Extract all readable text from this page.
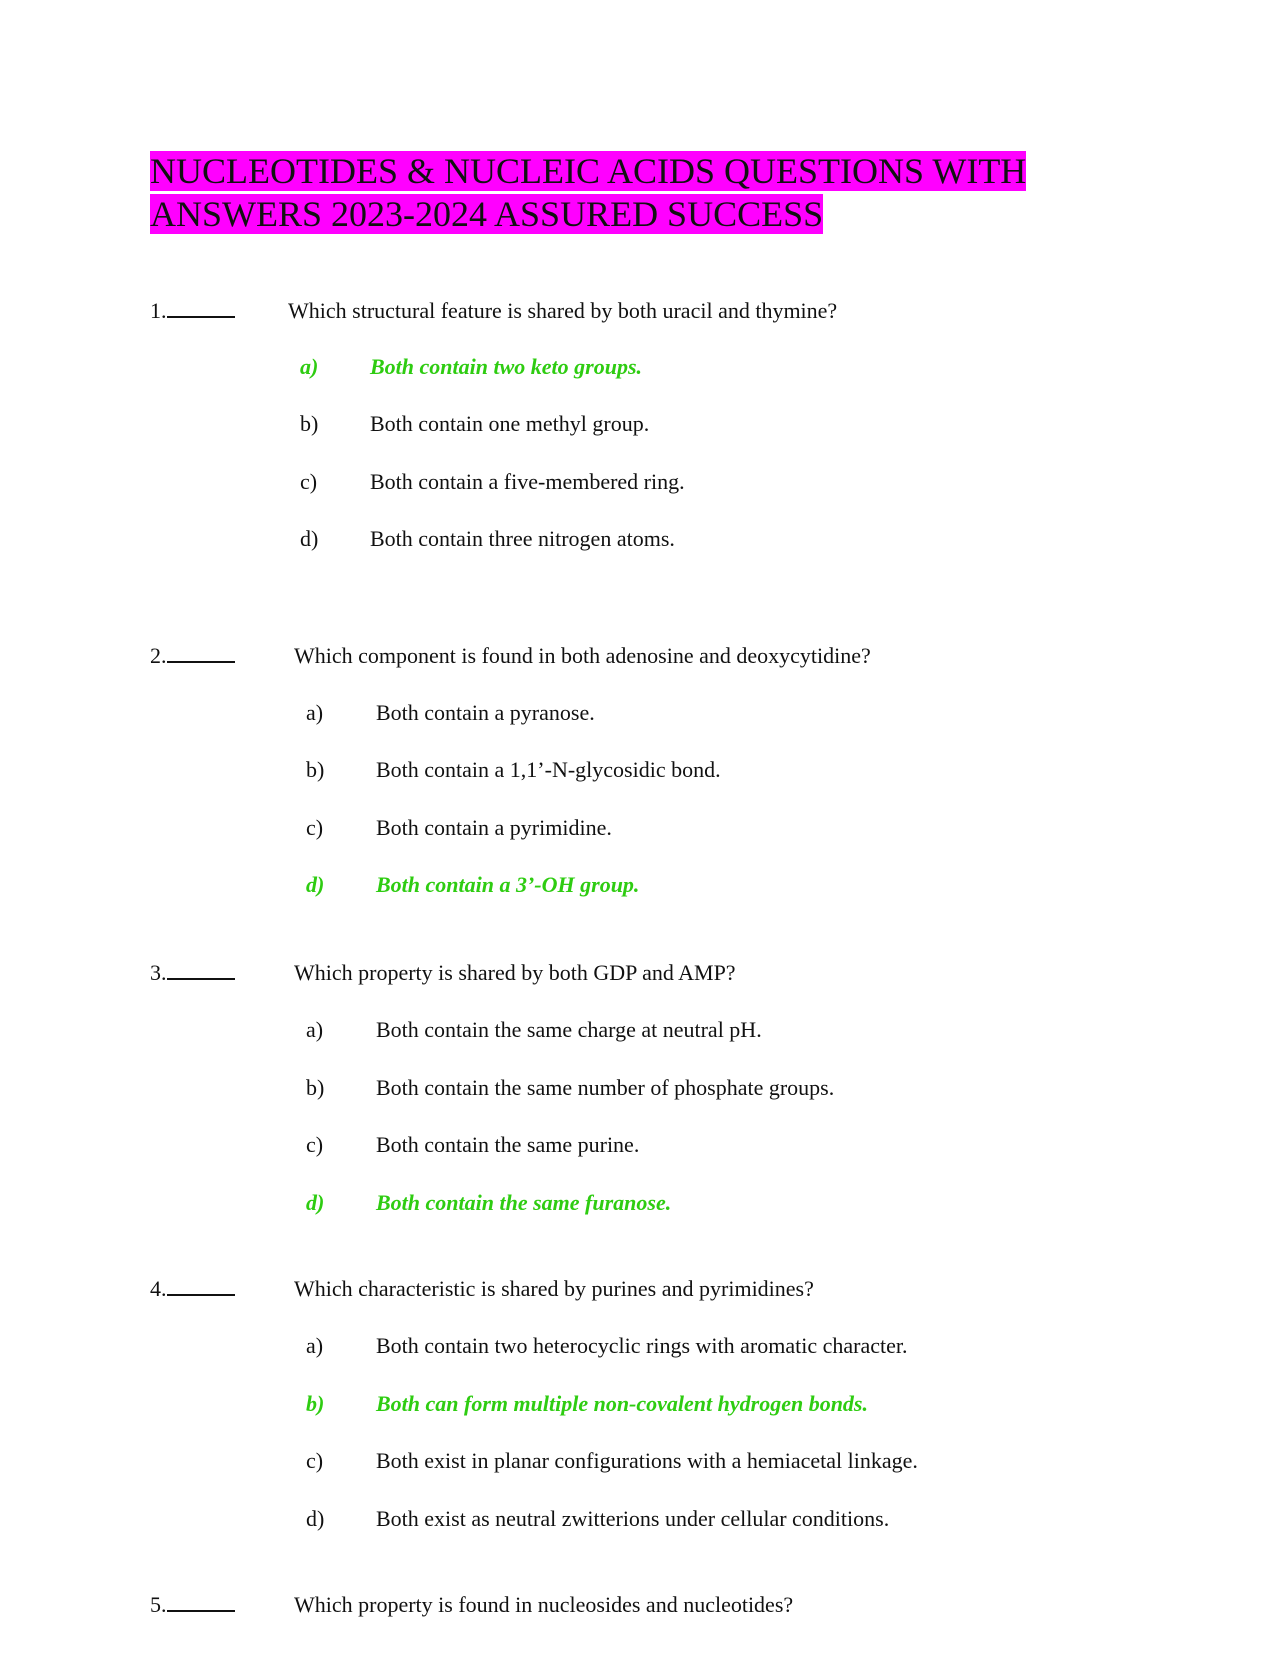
NUCLEOTIDES & NUCLEIC ACIDS QUESTIONS WITH ANSWERS 2023-2024 ASSURED SUCCESS
1.	Which structural feature is shared by both uracil and thymine?
a) Both contain two keto groups.
b) Both contain one methyl group.
c) Both contain a five-membered ring.
d) Both contain three nitrogen atoms.
2.	Which component is found in both adenosine and deoxycytidine?
a) Both contain a pyranose.
b) Both contain a 1,1’-N-glycosidic bond.
c) Both contain a pyrimidine.
d) Both contain a 3’-OH group.
3.	Which property is shared by both GDP and AMP?
a) Both contain the same charge at neutral pH.
b) Both contain the same number of phosphate groups.
c) Both contain the same purine.
d) Both contain the same furanose.
4.	Which characteristic is shared by purines and pyrimidines?
a) Both contain two heterocyclic rings with aromatic character.
b) Both can form multiple non-covalent hydrogen bonds.
c) Both exist in planar configurations with a hemiacetal linkage.
d) Both exist as neutral zwitterions under cellular conditions.
5.	Which property is found in nucleosides and nucleotides?
